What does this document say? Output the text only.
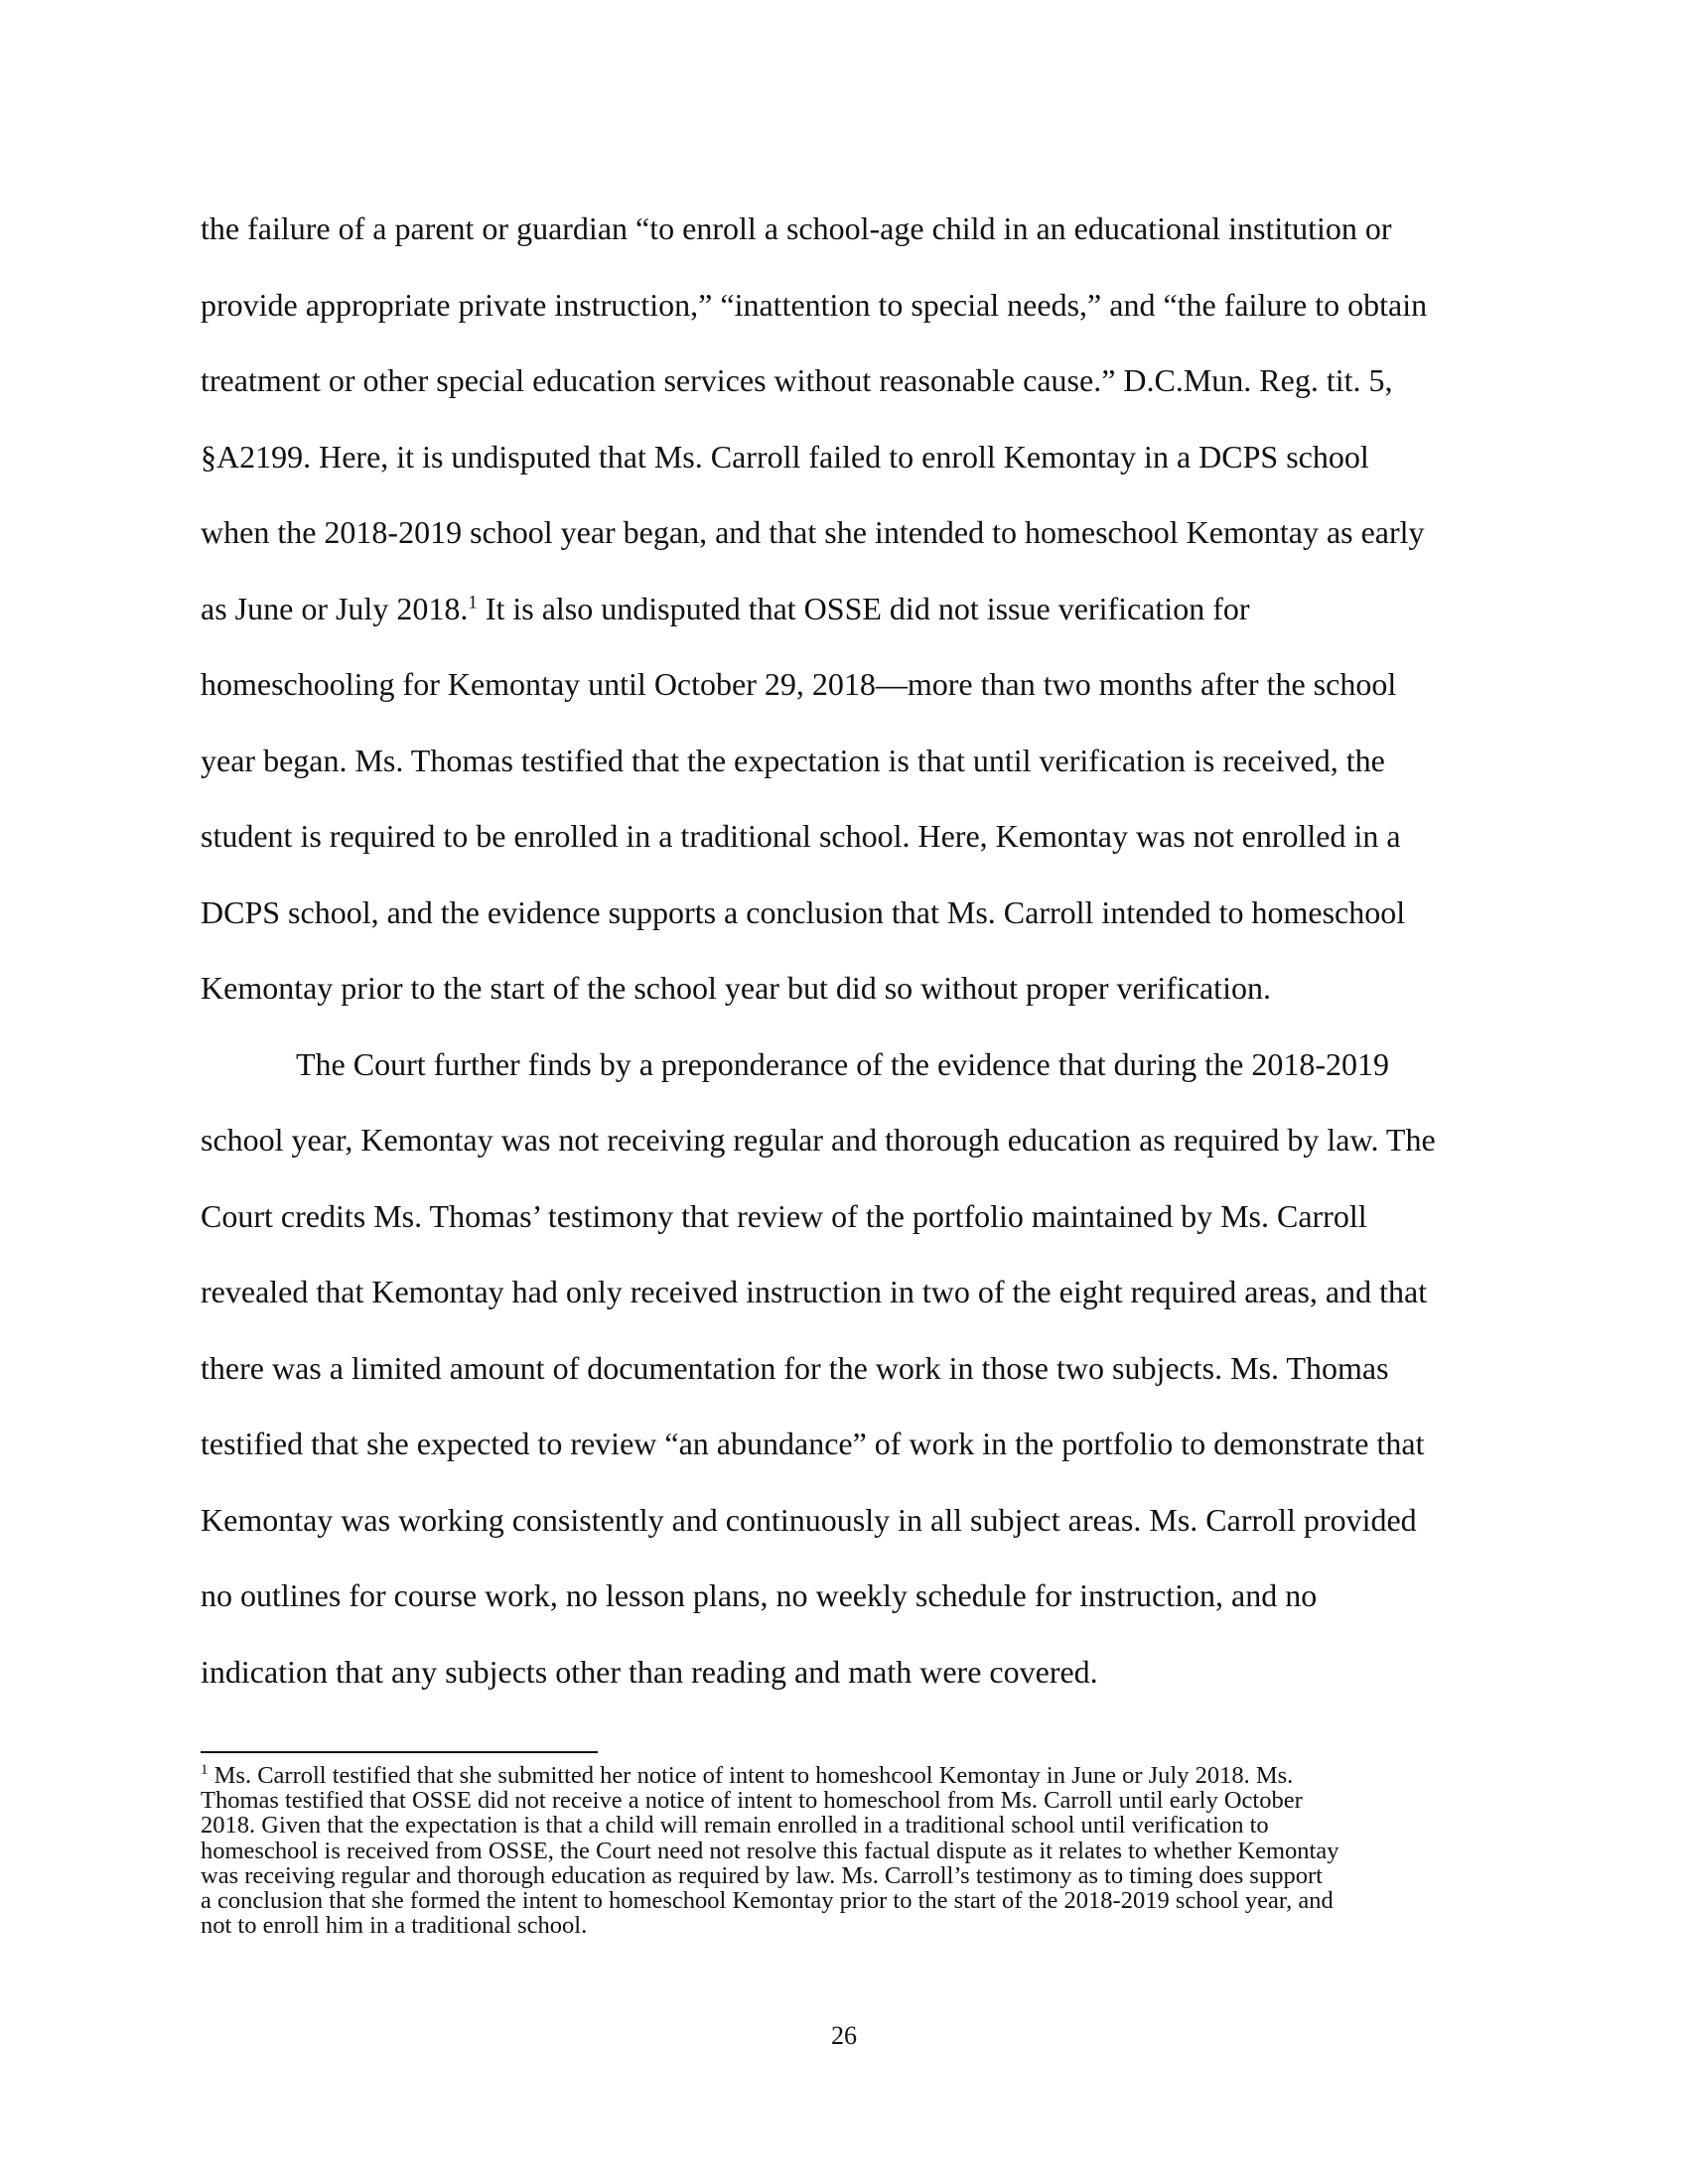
the failure of a parent or guardian “to enroll a school-age child in an educational institution or
provide appropriate private instruction,” “inattention to special needs,” and “the failure to obtain
treatment or other special education services without reasonable cause.” D.C.Mun. Reg. tit. 5,
§A2199. Here, it is undisputed that Ms. Carroll failed to enroll Kemontay in a DCPS school
when the 2018-2019 school year began, and that she intended to homeschool Kemontay as early
as June or July 2018.$^1$ It is also undisputed that OSSE did not issue verification for
homeschooling for Kemontay until October 29, 2018—more than two months after the school
year began. Ms. Thomas testified that the expectation is that until verification is received, the
student is required to be enrolled in a traditional school. Here, Kemontay was not enrolled in a
DCPS school, and the evidence supports a conclusion that Ms. Carroll intended to homeschool
Kemontay prior to the start of the school year but did so without proper verification.

The Court further finds by a preponderance of the evidence that during the 2018-2019
school year, Kemontay was not receiving regular and thorough education as required by law. The
Court credits Ms. Thomas’ testimony that review of the portfolio maintained by Ms. Carroll
revealed that Kemontay had only received instruction in two of the eight required areas, and that
there was a limited amount of documentation for the work in those two subjects. Ms. Thomas
testified that she expected to review “an abundance” of work in the portfolio to demonstrate that
Kemontay was working consistently and continuously in all subject areas. Ms. Carroll provided
no outlines for course work, no lesson plans, no weekly schedule for instruction, and no
indication that any subjects other than reading and math were covered.

$^1$ Ms. Carroll testified that she submitted her notice of intent to homeshcool Kemontay in June or July 2018. Ms.
Thomas testified that OSSE did not receive a notice of intent to homeschool from Ms. Carroll until early October
2018. Given that the expectation is that a child will remain enrolled in a traditional school until verification to
homeschool is received from OSSE, the Court need not resolve this factual dispute as it relates to whether Kemontay
was receiving regular and thorough education as required by law. Ms. Carroll’s testimony as to timing does support
a conclusion that she formed the intent to homeschool Kemontay prior to the start of the 2018-2019 school year, and
not to enroll him in a traditional school.
26
